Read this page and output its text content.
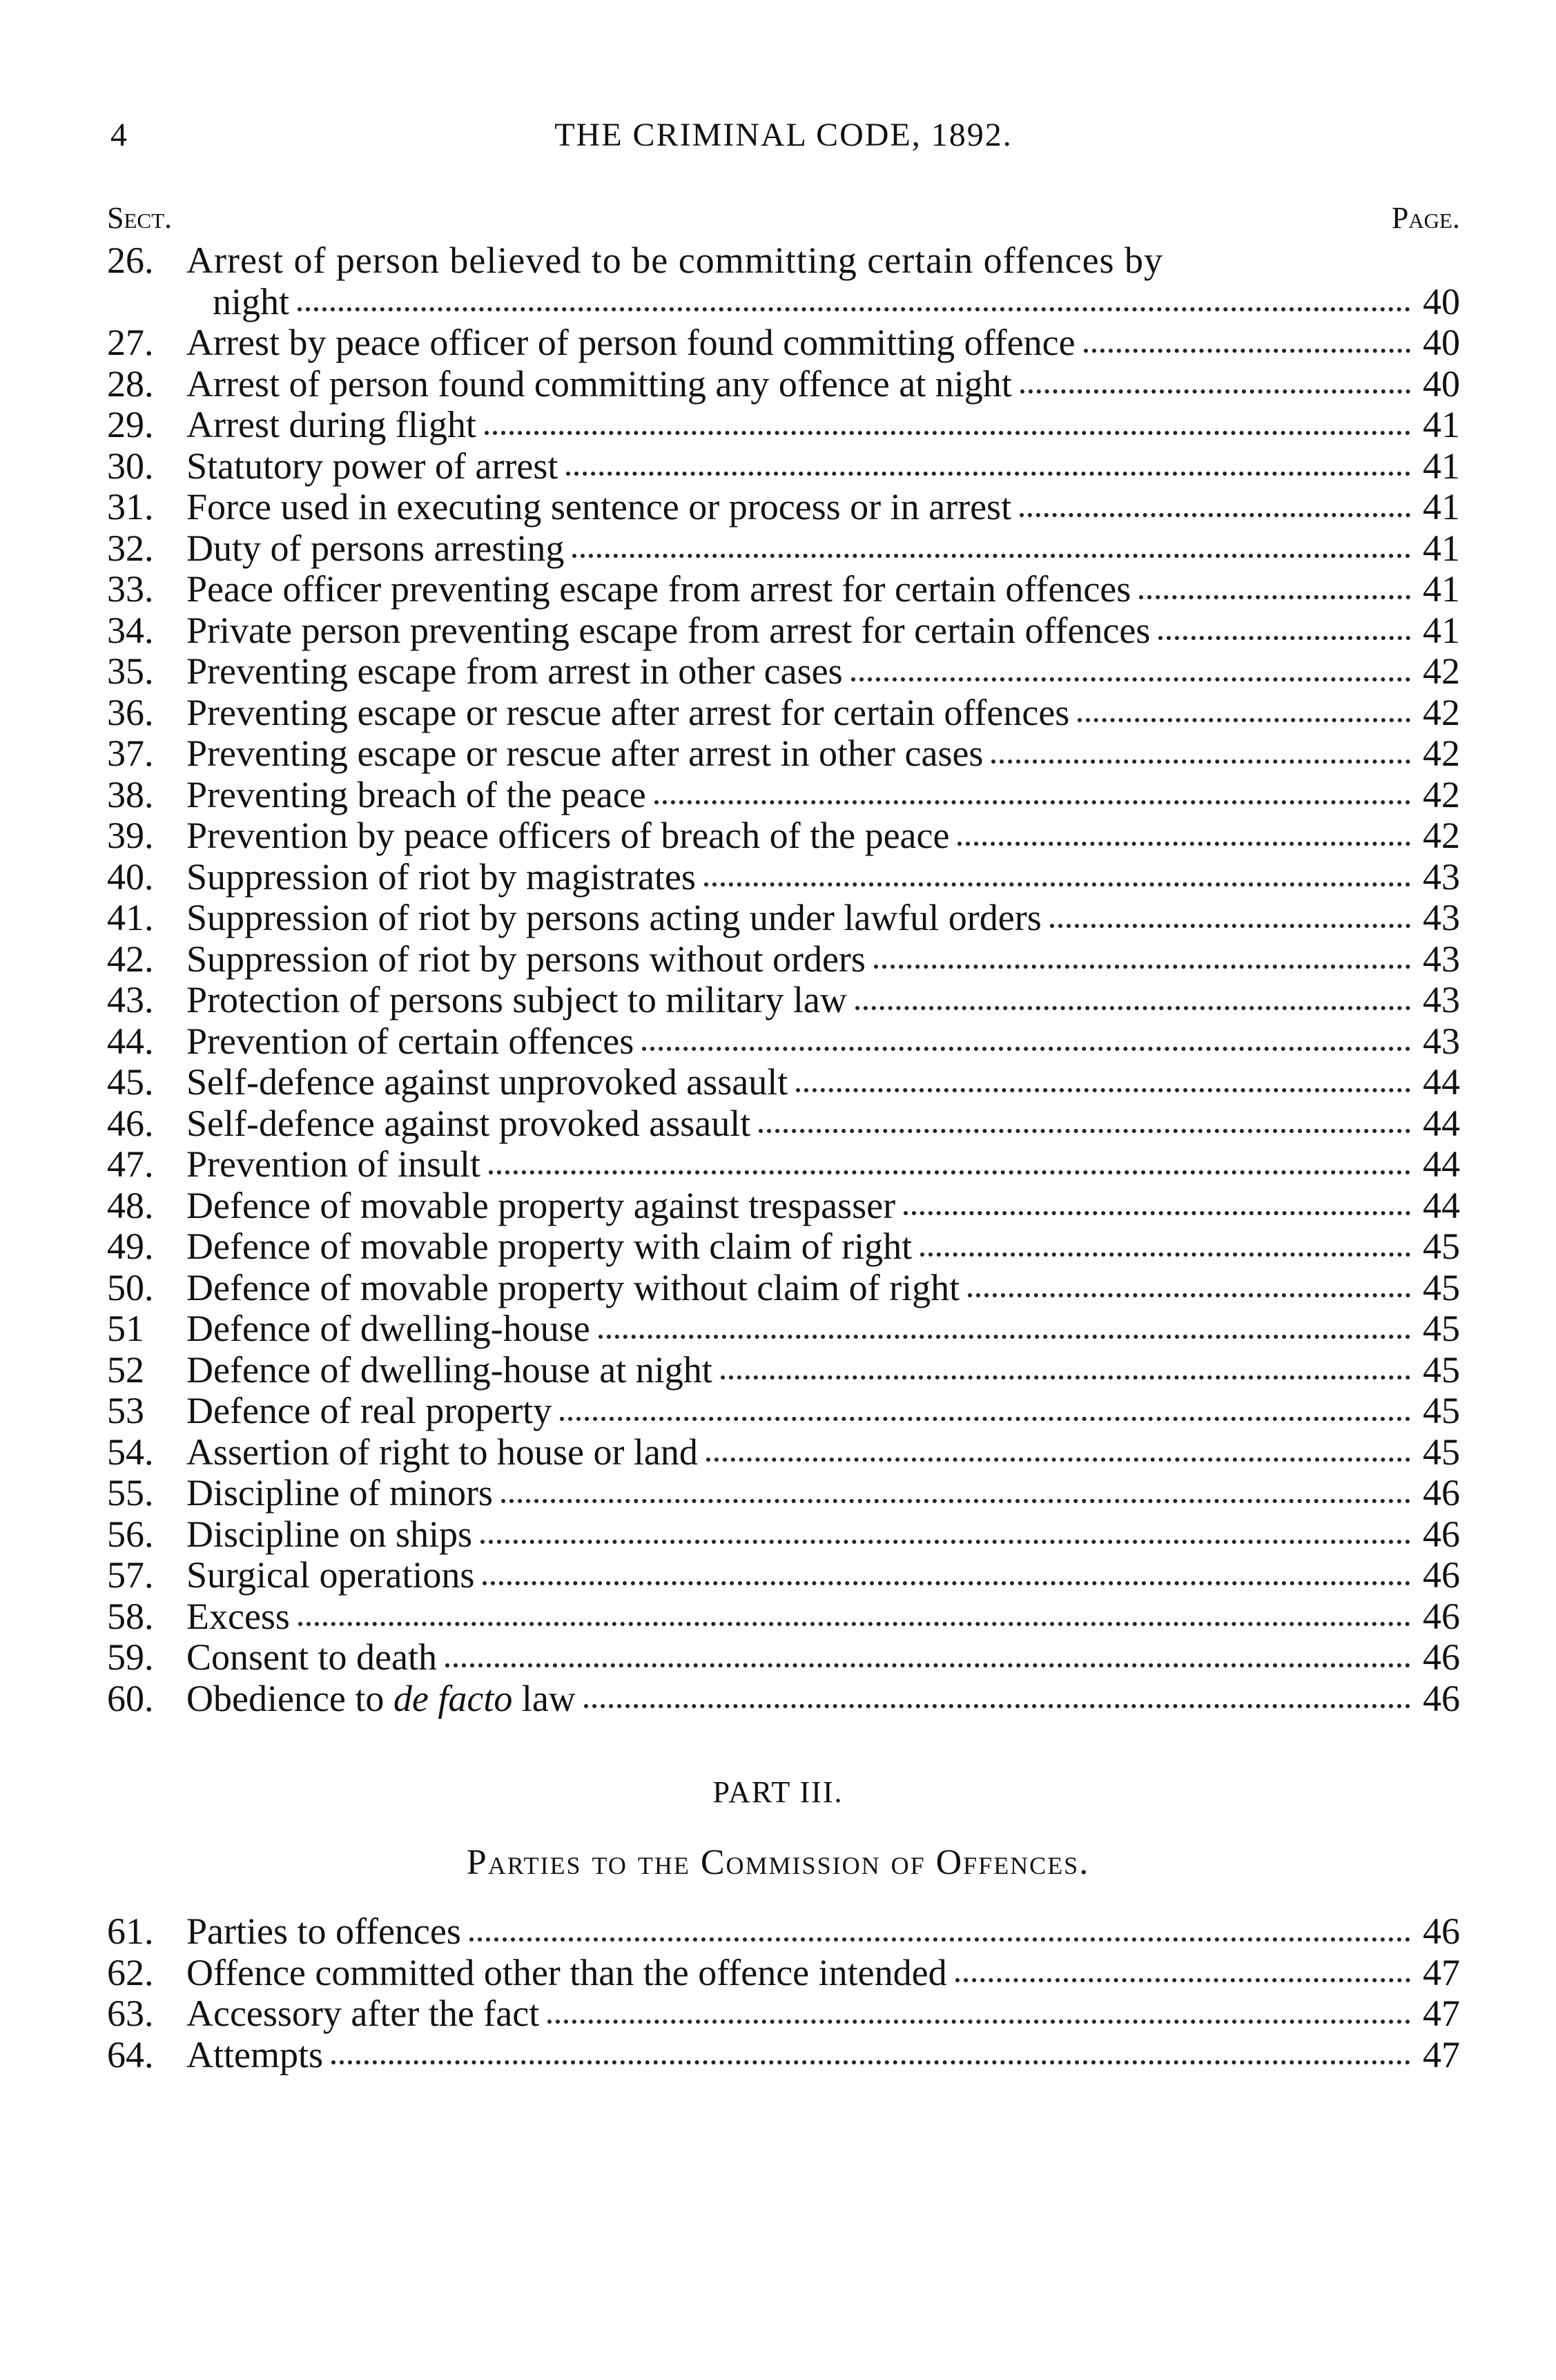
4	THE CRIMINAL CODE, 1892.
Sect.	Page.
26. Arrest of person believed to be committing certain offences by
night	40
27. Arrest by peace officer of person found committing offence	40
28. Arrest of person found committing any offence at night	40
29. Arrest during flight	41
30. Statutory power of arrest	41
31. Force used in executing sentence or process or in arrest	41
32. Duty of persons arresting	41
33. Peace officer preventing escape from arrest for certain offences	41
34. Private person preventing escape from arrest for certain offences	41
35. Preventing escape from arrest in other cases	42
36. Preventing escape or rescue after arrest for certain offences	42
37. Preventing escape or rescue after arrest in other cases	42
38. Preventing breach of the peace	42
39. Prevention by peace officers of breach of the peace	42
40. Suppression of riot by magistrates	43
41. Suppression of riot by persons acting under lawful orders	43
42. Suppression of riot by persons without orders	43
43. Protection of persons subject to military law	43
44. Prevention of certain offences	43
45. Self-defence against unprovoked assault	44
46. Self-defence against provoked assault	44
47. Prevention of insult	44
48. Defence of movable property against trespasser	44
49. Defence of movable property with claim of right	45
50. Defence of movable property without claim of right	45
51	Defence of dwelling-house	45
52	Defence of dwelling-house at night	45
53	Defence of real property	45
54. Assertion of right to house or land	45
55. Discipline of minors	46
56. Discipline on ships	46
57. Surgical operations	46
58. Excess	46
59. Consent to death	46
60. Obedience to de facto law	46
PART III.
Parties to the Commission of Offences.
61. Parties to offences	46
62. Offence committed other than the offence intended	47
63. Accessory after the fact	47
64. Attempts	47
